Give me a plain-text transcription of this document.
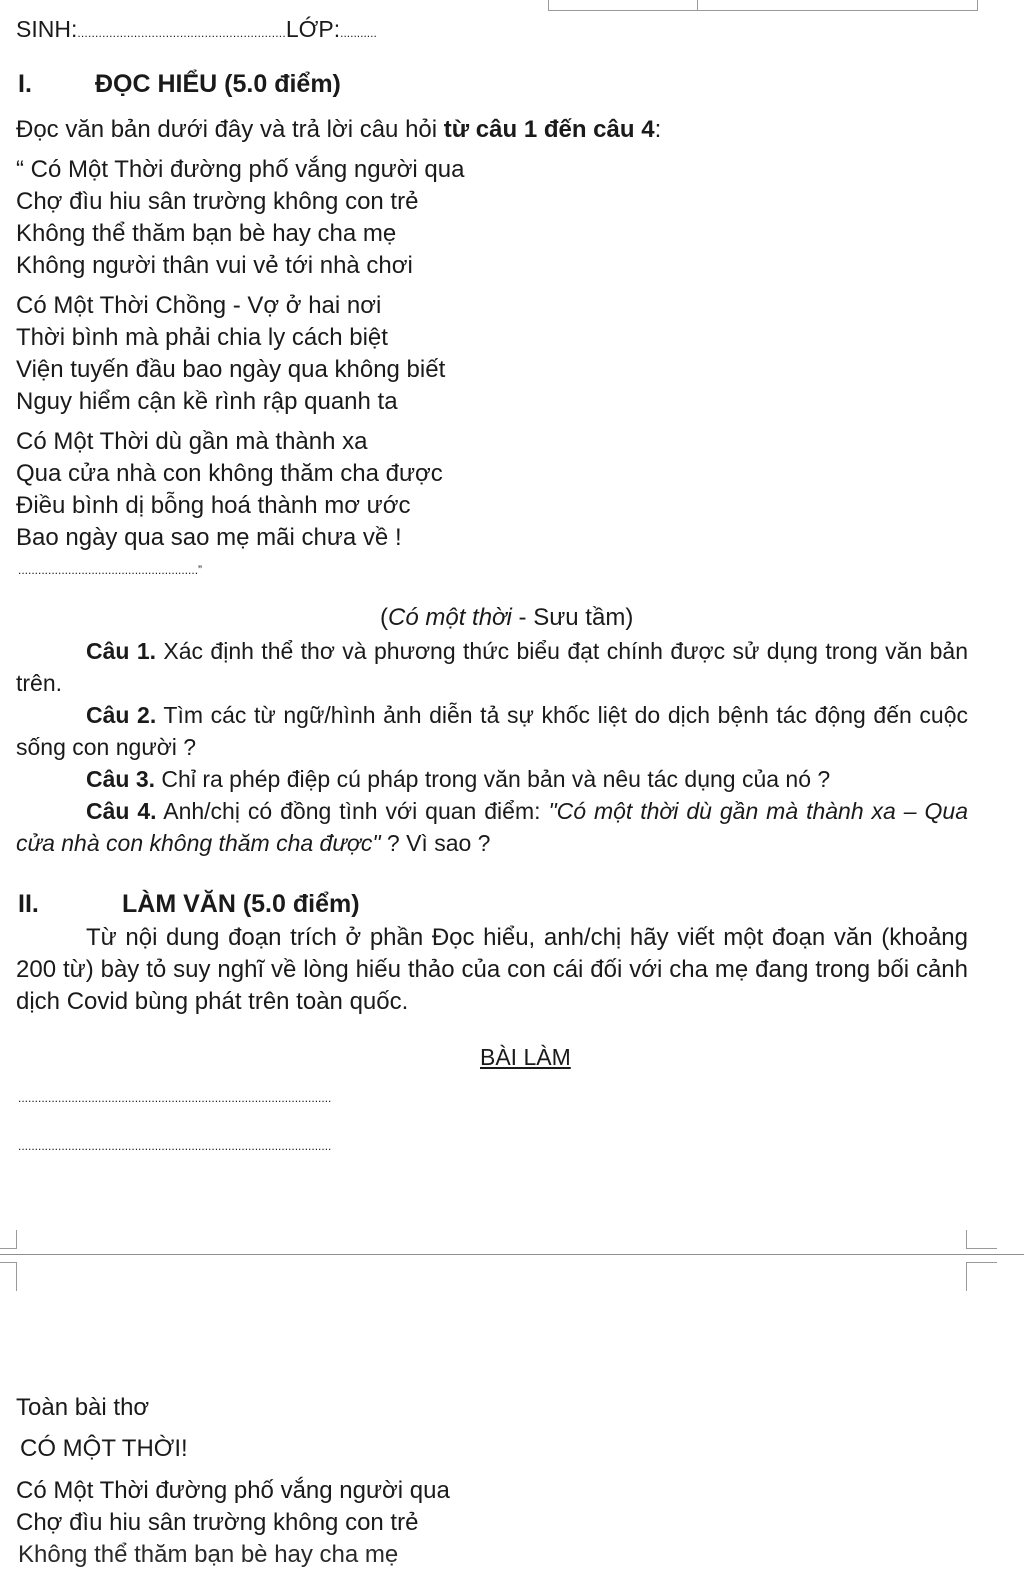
SINH:...........................................................LỚP:...........
I.	ĐỌC HIỂU (5.0 điểm)
Đọc văn bản dưới đây và trả lời câu hỏi từ câu 1 đến câu 4:
“ Có Một Thời đường phố vắng người qua
Chợ đìu hiu sân trường không con trẻ
Không thể thăm bạn bè hay cha mẹ
Không người thân vui vẻ tới nhà chơi
Có Một Thời Chồng - Vợ ở hai nơi
Thời bình mà phải chia ly cách biệt
Viện tuyến đầu bao ngày qua không biết
Nguy hiểm cận kề rình rập quanh ta
Có Một Thời dù gần mà thành xa
Qua cửa nhà con không thăm cha được
Điều bình dị bỗng hoá thành mơ ước
Bao ngày qua sao mẹ mãi chưa về !
......................................................”
(Có một thời - Sưu tầm)
Câu 1. Xác định thể thơ và phương thức biểu đạt chính được sử dụng trong văn bản trên.
Câu 2. Tìm các từ ngữ/hình ảnh diễn tả sự khốc liệt do dịch bệnh tác động đến cuộc sống con người ?
Câu 3. Chỉ ra phép điệp cú pháp trong văn bản và nêu tác dụng của nó ?
Câu 4. Anh/chị có đồng tình với quan điểm: "Có một thời dù gần mà thành xa – Qua cửa nhà con không thăm cha được" ? Vì sao ?
II.	LÀM VĂN (5.0 điểm)
Từ nội dung đoạn trích ở phần Đọc hiểu, anh/chị hãy viết một đoạn văn (khoảng 200 từ) bày tỏ suy nghĩ về lòng hiếu thảo của con cái đối với cha mẹ đang trong bối cảnh dịch Covid bùng phát trên toàn quốc.
BÀI LÀM
..............................................................................................
..............................................................................................
Toàn bài thơ
CÓ MỘT THỜI!
Có Một Thời đường phố vắng người qua
Chợ đìu hiu sân trường không con trẻ
Không thể thăm bạn bè hay cha mẹ
